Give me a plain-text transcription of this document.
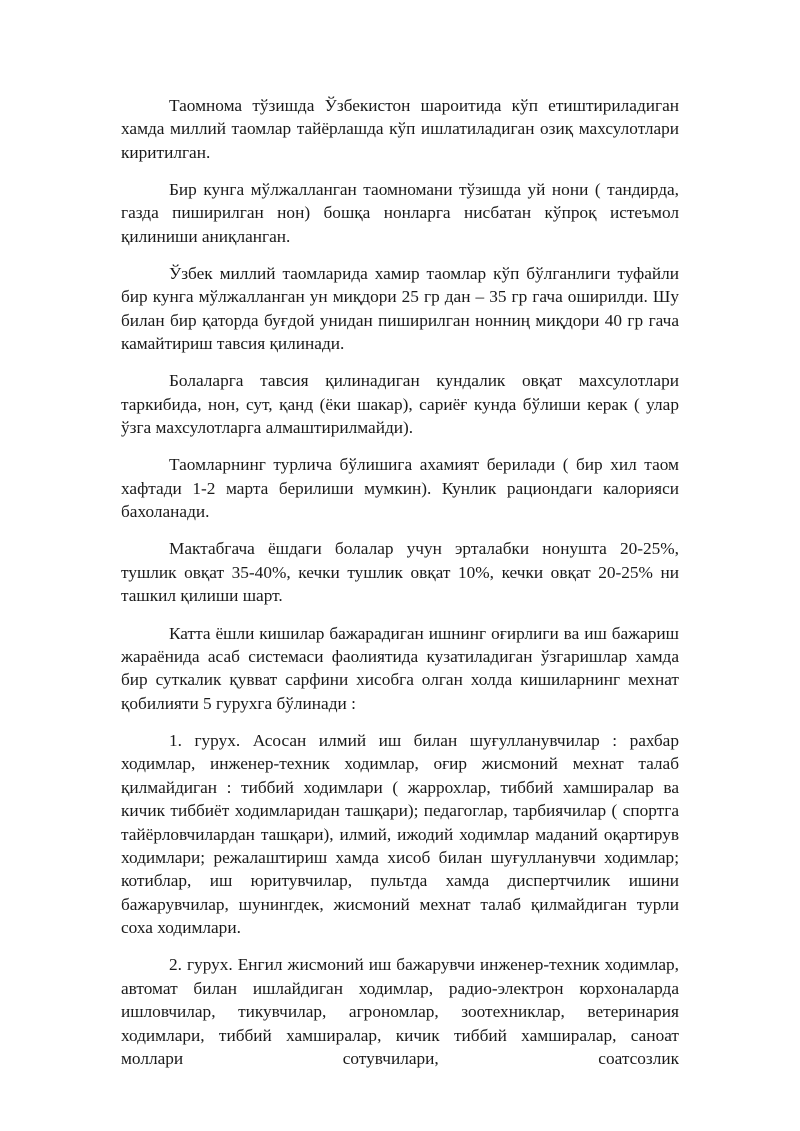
Таомнома тўзишда Ўзбекистон шароитида кўп етиштириладиган хамда миллий таомлар тайёрлашда кўп ишлатиладиган озиқ махсулотлари киритилган.

Бир кунга мўлжалланган таомномани тўзишда уй нони ( тандирда, газда пиширилган нон) бошқа нонларга нисбатан кўпроқ истеъмол қилиниши аниқланган.

Ўзбек миллий таомларида хамир таомлар кўп бўлганлиги туфайли бир кунга мўлжалланган ун миқдори 25 гр дан – 35 гр гача оширилди. Шу билан бир қаторда буғдой унидан пиширилган нонниң миқдори 40 гр гача камайтириш тавсия қилинади.

Болаларга тавсия қилинадиган кундалик овқат махсулотлари таркибида, нон, сут, қанд (ёки шакар), сариёғ кунда бўлиши керак ( улар ўзга махсулотларга алмаштирилмайди).

Таомларнинг турлича бўлишига ахамият берилади ( бир хил таом хафтади 1-2 марта берилиши мумкин). Кунлик рациондаги калорияси бахоланади.

Мактабгача ёшдаги болалар учун эрталабки нонушта 20-25%, тушлик овқат 35-40%, кечки тушлик овқат 10%, кечки овқат 20-25% ни ташкил қилиши шарт.

Катта ёшли кишилар бажарадиган ишнинг оғирлиги ва иш бажариш жараёнида асаб системаси фаолиятида кузатиладиган ўзгаришлар хамда бир суткалик қувват сарфини хисобга олган холда кишиларнинг мехнат қобилияти 5 гурухга бўлинади :

1. гурух. Асосан илмий иш билан шуғулланувчилар : рахбар ходимлар, инженер-техник ходимлар, оғир жисмоний мехнат талаб қилмайдиган : тиббий ходимлари ( жаррохлар, тиббий хамширалар ва кичик тиббиёт ходимларидан ташқари); педагоглар, тарбиячилар ( спортга тайёрловчилардан ташқари), илмий, ижодий ходимлар маданий оқартирув ходимлари; режалаштириш хамда хисоб билан шуғулланувчи ходимлар; котиблар, иш юритувчилар, пультда хамда диспертчилик ишини бажарувчилар, шунингдек, жисмоний мехнат талаб қилмайдиган турли соха ходимлари.

2. гурух. Енгил жисмоний иш бажарувчи инженер-техник ходимлар, автомат билан ишлайдиган ходимлар, радио-электрон корхоналарда ишловчилар, тикувчилар, агрономлар, зоотехниклар, ветеринария ходимлари, тиббий хамширалар, кичик тиббий хамширалар, саноат моллари сотувчилари, соатсозлик
